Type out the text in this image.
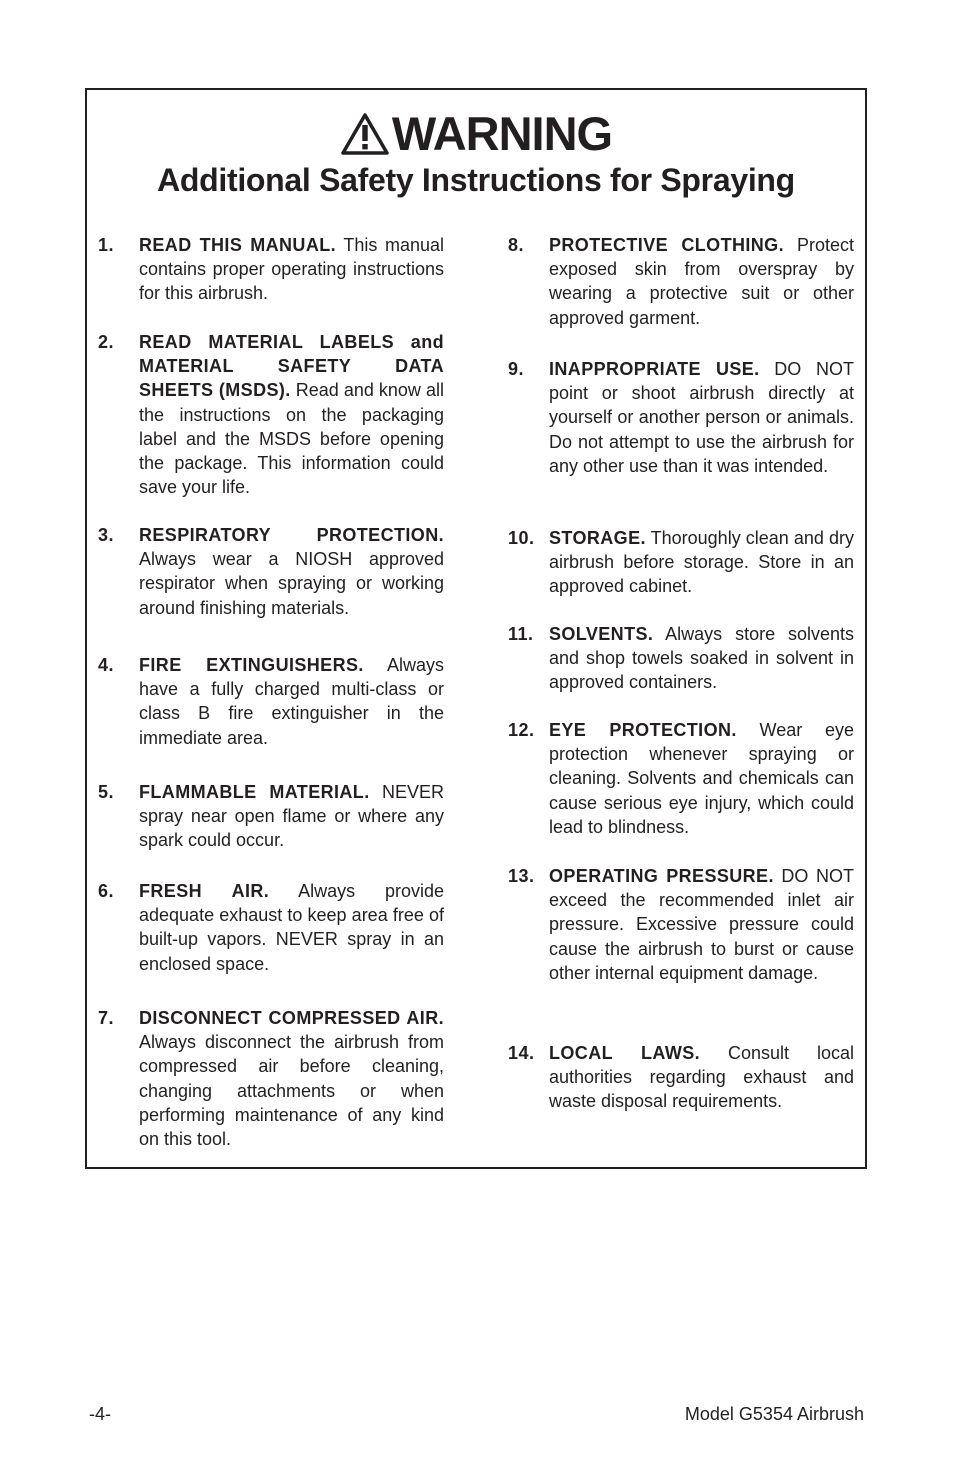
WARNING
Additional Safety Instructions for Spraying
1. READ THIS MANUAL. This manual contains proper operating instructions for this airbrush.
2. READ MATERIAL LABELS and MATERIAL SAFETY DATA SHEETS (MSDS). Read and know all the instructions on the packaging label and the MSDS before opening the package. This information could save your life.
3. RESPIRATORY PROTECTION. Always wear a NIOSH approved respirator when spraying or working around finishing materials.
4. FIRE EXTINGUISHERS. Always have a fully charged multi-class or class B fire extinguisher in the immediate area.
5. FLAMMABLE MATERIAL. NEVER spray near open flame or where any spark could occur.
6. FRESH AIR. Always provide adequate exhaust to keep area free of built-up vapors. NEVER spray in an enclosed space.
7. DISCONNECT COMPRESSED AIR. Always disconnect the airbrush from compressed air before cleaning, changing attachments or when performing maintenance of any kind on this tool.
8. PROTECTIVE CLOTHING. Protect exposed skin from overspray by wearing a protective suit or other approved garment.
9. INAPPROPRIATE USE. DO NOT point or shoot airbrush directly at yourself or another person or animals. Do not attempt to use the airbrush for any other use than it was intended.
10. STORAGE. Thoroughly clean and dry airbrush before storage. Store in an approved cabinet.
11. SOLVENTS. Always store solvents and shop towels soaked in solvent in approved containers.
12. EYE PROTECTION. Wear eye protection whenever spraying or cleaning. Solvents and chemicals can cause serious eye injury, which could lead to blindness.
13. OPERATING PRESSURE. DO NOT exceed the recommended inlet air pressure. Excessive pressure could cause the airbrush to burst or cause other internal equipment damage.
14. LOCAL LAWS. Consult local authorities regarding exhaust and waste disposal requirements.
-4-	Model G5354 Airbrush
